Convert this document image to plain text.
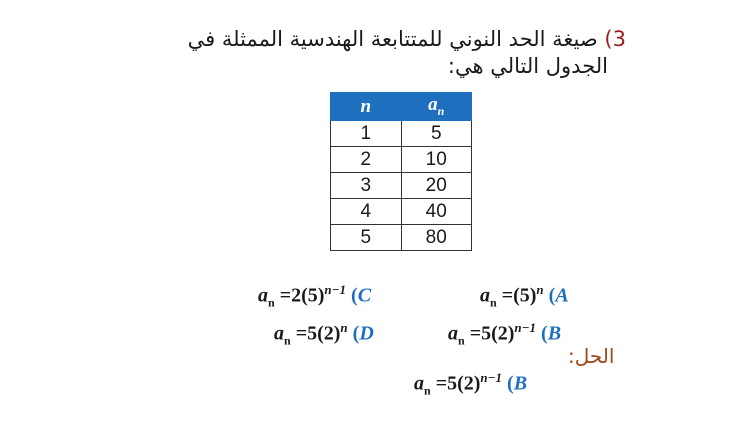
3) صيغة الحد النوني للمتتابعة الهندسية الممثلة في
الجدول التالي هي:
n	$a_n$
1	5
2	10
3	20
4	40
5	80
$a_n =2(5)^{n-1}$ (C	$a_n =(5)^n$ (A
$a_n =5(2)^n$ (D	$a_n =5(2)^{n-1}$ (B
الحل:
$a_n =5(2)^{n-1}$ (B
